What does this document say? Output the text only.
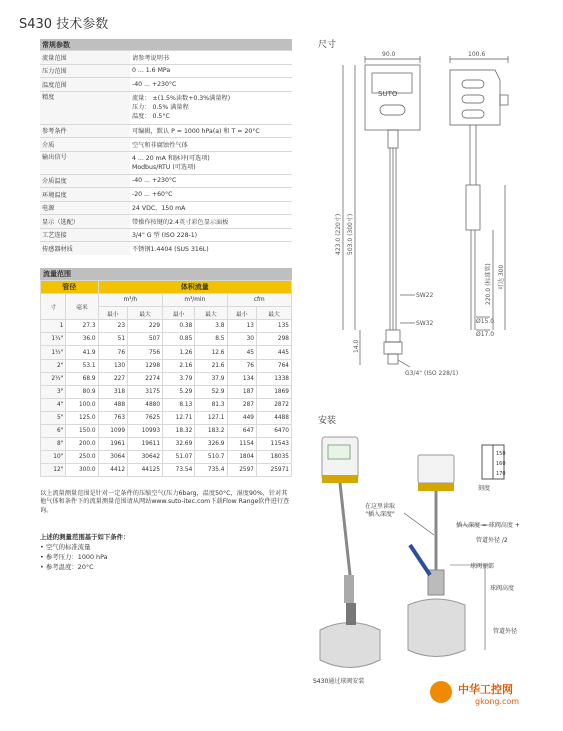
S430 技术参数
常规参数	
流量范围	请参考说明书
压力范围	0 ... 1.6 MPa
温度范围	-40 ... +230°C
精度	流量： ±(1.5%读数+0.3%满量程)
压力： 0.5% 满量程
温度： 0.5°C

参考条件	可编辑，默认 P = 1000 hPa(a) 和 T = 20°C
介质	空气和非腐蚀性气体
输出信号	4 ... 20 mA 和脉冲(可选项)
Modbus/RTU (可选项)

介质温度	-40 ... +230°C
环境温度	-20 ... +60°C
电源	24 VDC，150 mA
显示（选配）	带操作按键的2.4英寸彩色显示面板
工艺连接	3/4" G 型 (ISO 228-1)
传感器材质	不锈钢1.4404 (SUS 316L)
流量范围
管径		体积流量					
寸	毫米	m³/h		m³/min		cfm	
		最小	最大	最小	最大	最小	最大
1	27.3	23	229	0.38	3.8	13	135
1¼"	36.0	51	507	0.85	8.5	30	298
1½"	41.9	76	756	1.26	12.6	45	445
2"	53.1	130	1298	2.16	21.6	76	764
2½"	68.9	227	2274	3.79	37.9	134	1338
3"	80.9	318	3175	5.29	52.9	187	1869
4"	100.0	488	4880	8.13	81.3	287	2872
5"	125.0	763	7625	12.71	127.1	449	4488
6"	150.0	1099	10993	18.32	183.2	647	6470
8"	200.0	1961	19611	32.69	326.9	1154	11543
10"	250.0	3064	30642	51.07	510.7	1804	18035
12"	300.0	4412	44125	73.54	735.4	2597	25971
以上流量测量范围是针对一定条件的压缩空气(压力6barg，温度50°C，湿度90%，针对其他气体和条件下的流量测量范围请从网站www.suto-itec.com下载Flow Range软件进行查询。
上述的测量范围基于如下条件：
• 空气的标准流量
• 参考压力：1000 hPa
• 参考温度：20°C
尺寸
SUTO
90.0	100.6
423.0 (220寸) 503.0 (300寸)
14.0
220.0 (标准管) 可达 300
SW22
SW32	Ø15.0
Ø17.0
G3/4" (ISO 228/1)
安装
150
160
170
在这里读取
"插入深度"
刻度
插入深度 = 球阀高度 +
管道外径 /2
球阀顶部
球阀高度
管道外径
S430通过球阀安装
中华工控网
gkong.com
